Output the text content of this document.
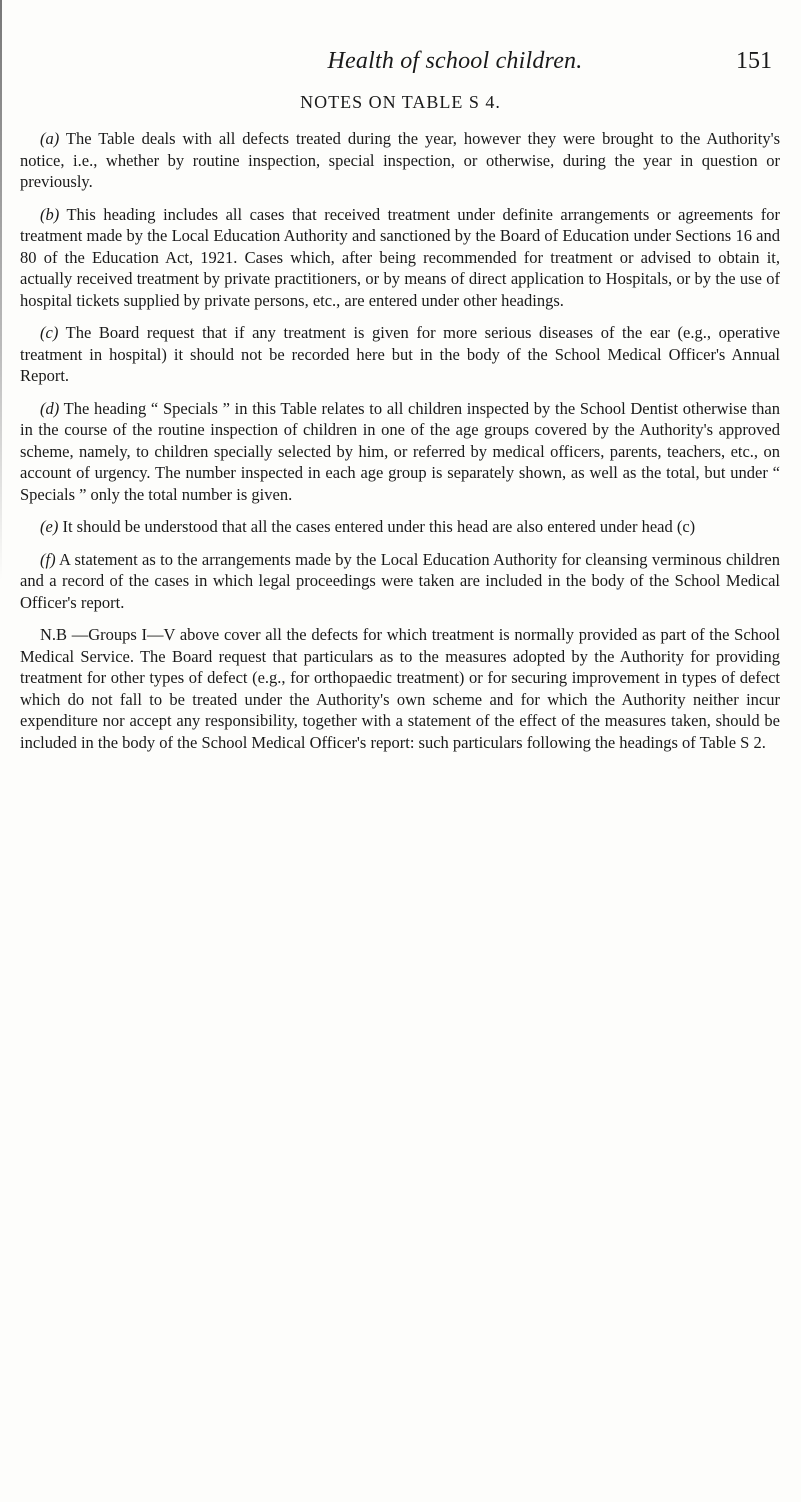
Health of school children.	151
NOTES ON TABLE S 4.

(a) The Table deals with all defects treated during the year, however they were brought to the Authority's notice, i.e., whether by routine inspection, special inspection, or otherwise, during the year in question or previously.

(b) This heading includes all cases that received treatment under definite arrangements or agreements for treatment made by the Local Education Authority and sanctioned by the Board of Education under Sections 16 and 80 of the Education Act, 1921. Cases which, after being recommended for treatment or advised to obtain it, actually received treatment by private practitioners, or by means of direct application to Hospitals, or by the use of hospital tickets supplied by private persons, etc., are entered under other headings.

(c) The Board request that if any treatment is given for more serious diseases of the ear (e.g., operative treatment in hospital) it should not be recorded here but in the body of the School Medical Officer's Annual Report.

(d) The heading “ Specials ” in this Table relates to all children inspected by the School Dentist otherwise than in the course of the routine inspection of children in one of the age groups covered by the Authority's approved scheme, namely, to children specially selected by him, or referred by medical officers, parents, teachers, etc., on account of urgency. The number inspected in each age group is separately shown, as well as the total, but under “ Specials ” only the total number is given.

(e) It should be understood that all the cases entered under this head are also entered under head (c)

(f) A statement as to the arrangements made by the Local Education Authority for cleansing verminous children and a record of the cases in which legal proceedings were taken are included in the body of the School Medical Officer's report.

N.B —Groups I—V above cover all the defects for which treatment is normally provided as part of the School Medical Service. The Board request that particulars as to the measures adopted by the Authority for providing treatment for other types of defect (e.g., for orthopaedic treatment) or for securing improvement in types of defect which do not fall to be treated under the Authority's own scheme and for which the Authority neither incur expenditure nor accept any responsibility, together with a statement of the effect of the measures taken, should be included in the body of the School Medical Officer's report: such particulars following the headings of Table S 2.
